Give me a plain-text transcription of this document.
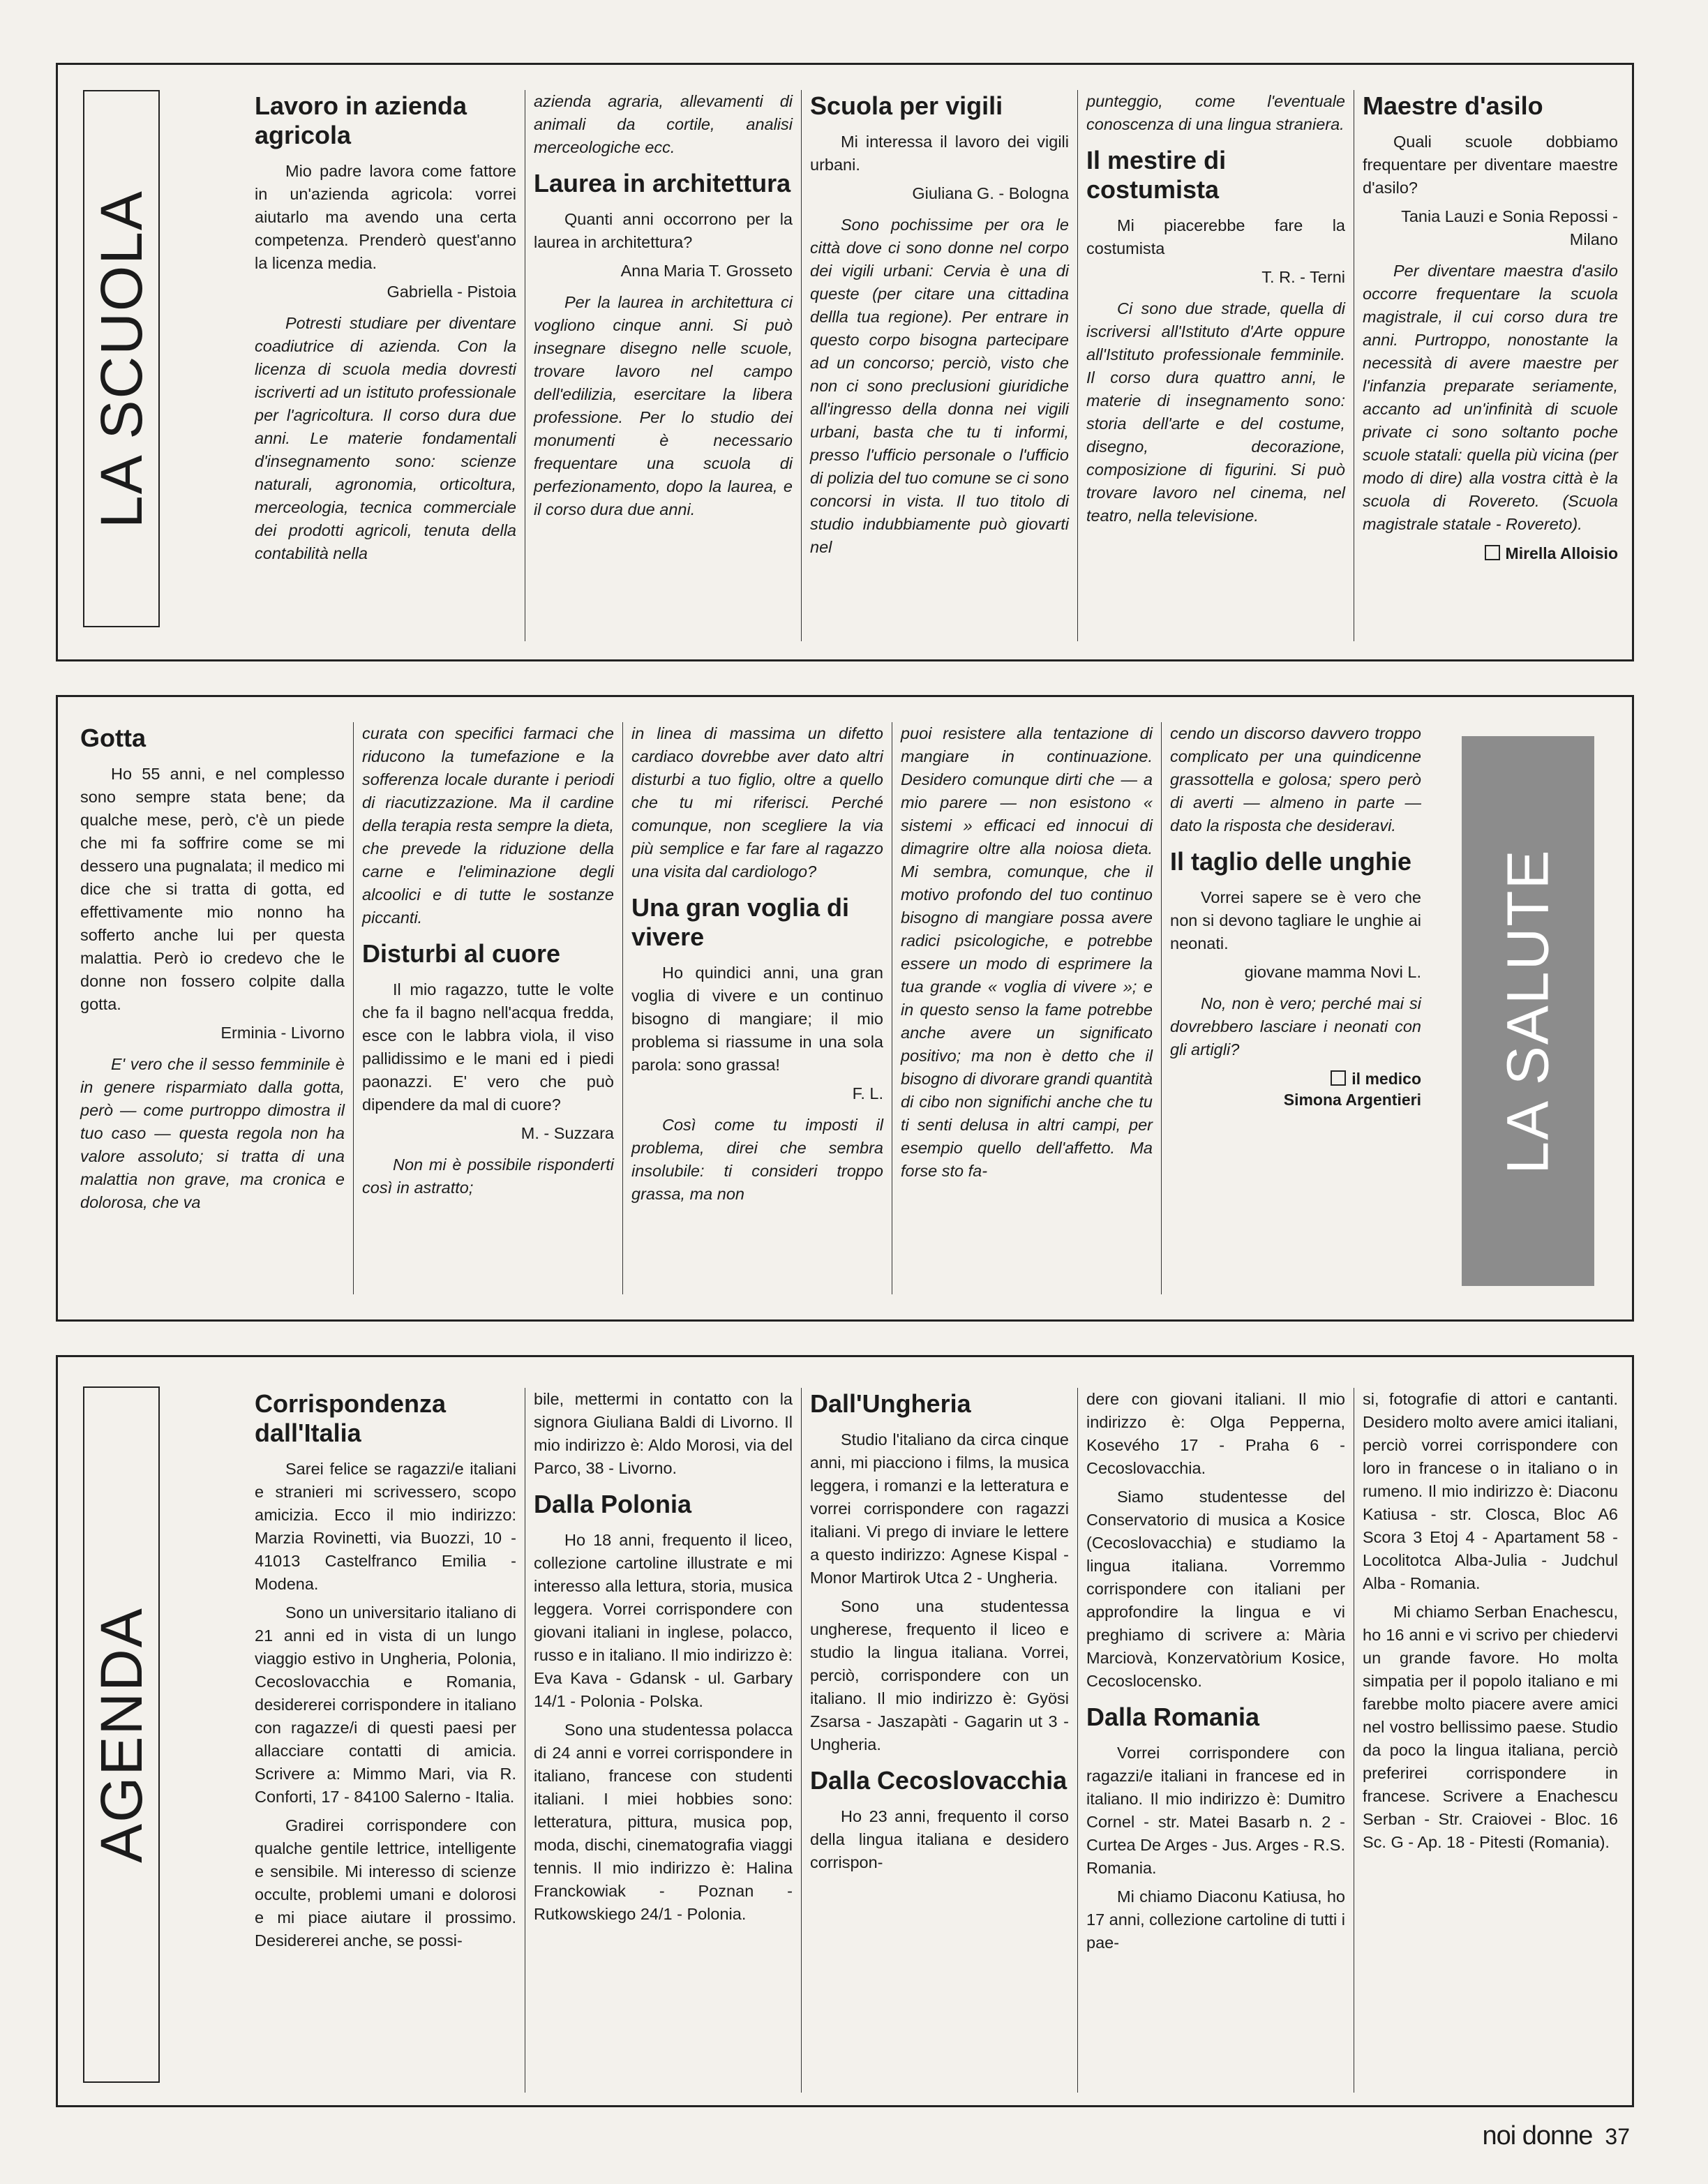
LA SCUOLA
Lavoro in azienda agricola

Mio padre lavora come fattore in un'azienda agricola: vorrei aiutarlo ma avendo una certa competenza. Prenderò quest'anno la licenza media.

Gabriella - Pistoia

Potresti studiare per diventare coadiutrice di azienda. Con la licenza di scuola media dovresti iscriverti ad un istituto professionale per l'agricoltura. Il corso dura due anni. Le materie fondamentali d'insegnamento sono: scienze naturali, agronomia, orticoltura, merceologia, tecnica commerciale dei prodotti agricoli, tenuta della contabilità nella

azienda agraria, allevamenti di animali da cortile, analisi merceologiche ecc.

Laurea in architettura

Quanti anni occorrono per la laurea in architettura?

Anna Maria T. Grosseto

Per la laurea in architettura ci vogliono cinque anni. Si può insegnare disegno nelle scuole, trovare lavoro nel campo dell'edilizia, esercitare la libera professione. Per lo studio dei monumenti è necessario frequentare una scuola di perfezionamento, dopo la laurea, e il corso dura due anni.

Scuola per vigili

Mi interessa il lavoro dei vigili urbani.

Giuliana G. - Bologna

Sono pochissime per ora le città dove ci sono donne nel corpo dei vigili urbani: Cervia è una di queste (per citare una cittadina dellla tua regione). Per entrare in questo corpo bisogna partecipare ad un concorso; perciò, visto che non ci sono preclusioni giuridiche all'ingresso della donna nei vigili urbani, basta che tu ti informi, presso l'ufficio personale o l'ufficio di polizia del tuo comune se ci sono concorsi in vista. Il tuo titolo di studio indubbiamente può giovarti nel

punteggio, come l'eventuale conoscenza di una lingua straniera.

Il mestire di costumista

Mi piacerebbe fare la costumista

T. R. - Terni

Ci sono due strade, quella di iscriversi all'Istituto d'Arte oppure all'Istituto professionale femminile. Il corso dura quattro anni, le materie di insegnamento sono: storia dell'arte e del costume, disegno, decorazione, composizione di figurini. Si può trovare lavoro nel cinema, nel teatro, nella televisione.

Maestre d'asilo

Quali scuole dobbiamo frequentare per diventare maestre d'asilo?

Tania Lauzi e Sonia Repossi - Milano

Per diventare maestra d'asilo occorre frequentare la scuola magistrale, il cui corso dura tre anni. Purtroppo, nonostante la necessità di avere maestre per l'infanzia preparate seriamente, accanto ad un'infinità di scuole private ci sono soltanto poche scuole statali: quella più vicina (per modo di dire) alla vostra città è la scuola di Rovereto. (Scuola magistrale statale - Rovereto).

Mirella Alloisio
Gotta

Ho 55 anni, e nel complesso sono sempre stata bene; da qualche mese, però, c'è un piede che mi fa soffrire come se mi dessero una pugnalata; il medico mi dice che si tratta di gotta, ed effettivamente mio nonno ha sofferto anche lui per questa malattia. Però io credevo che le donne non fossero colpite dalla gotta.

Erminia - Livorno

E' vero che il sesso femminile è in genere risparmiato dalla gotta, però — come purtroppo dimostra il tuo caso — questa regola non ha valore assoluto; si tratta di una malattia non grave, ma cronica e dolorosa, che va

curata con specifici farmaci che riducono la tumefazione e la sofferenza locale durante i periodi di riacutizzazione. Ma il cardine della terapia resta sempre la dieta, che prevede la riduzione della carne e l'eliminazione degli alcoolici e di tutte le sostanze piccanti.

Disturbi al cuore

Il mio ragazzo, tutte le volte che fa il bagno nell'acqua fredda, esce con le labbra viola, il viso pallidissimo e le mani ed i piedi paonazzi. E' vero che può dipendere da mal di cuore?

M. - Suzzara

Non mi è possibile risponderti così in astratto;

in linea di massima un difetto cardiaco dovrebbe aver dato altri disturbi a tuo figlio, oltre a quello che tu mi riferisci. Perché comunque, non scegliere la via più semplice e far fare al ragazzo una visita dal cardiologo?

Una gran voglia di vivere

Ho quindici anni, una gran voglia di vivere e un continuo bisogno di mangiare; il mio problema si riassume in una sola parola: sono grassa!

F. L.

Così come tu imposti il problema, direi che sembra insolubile: ti consideri troppo grassa, ma non

puoi resistere alla tentazione di mangiare in continuazione. Desidero comunque dirti che — a mio parere — non esistono « sistemi » efficaci ed innocui di dimagrire oltre alla noiosa dieta. Mi sembra, comunque, che il motivo profondo del tuo continuo bisogno di mangiare possa avere radici psicologiche, e potrebbe essere un modo di esprimere la tua grande « voglia di vivere »; e in questo senso la fame potrebbe anche avere un significato positivo; ma non è detto che il bisogno di divorare grandi quantità di cibo non significhi anche che tu ti senti delusa in altri campi, per esempio quello dell'affetto. Ma forse sto fa-

cendo un discorso davvero troppo complicato per una quindicenne grassottella e golosa; spero però di averti — almeno in parte — dato la risposta che desideravi.

Il taglio delle unghie

Vorrei sapere se è vero che non si devono tagliare le unghie ai neonati.

giovane mamma Novi L.

No, non è vero; perché mai si dovrebbero lasciare i neonati con gli artigli?

il medico
Simona Argentieri LA SALUTE
AGENDA
Corrispondenza dall'Italia

Sarei felice se ragazzi/e italiani e stranieri mi scrivessero, scopo amicizia. Ecco il mio indirizzo: Marzia Rovinetti, via Buozzi, 10 - 41013 Castelfranco Emilia - Modena.

Sono un universitario italiano di 21 anni ed in vista di un lungo viaggio estivo in Ungheria, Polonia, Cecoslovacchia e Romania, desidererei corrispondere in italiano con ragazze/i di questi paesi per allacciare contatti di amicia. Scrivere a: Mimmo Mari, via R. Conforti, 17 - 84100 Salerno - Italia.

Gradirei corrispondere con qualche gentile lettrice, intelligente e sensibile. Mi interesso di scienze occulte, problemi umani e dolorosi e mi piace aiutare il prossimo. Desidererei anche, se possi-

bile, mettermi in contatto con la signora Giuliana Baldi di Livorno. Il mio indirizzo è: Aldo Morosi, via del Parco, 38 - Livorno.

Dalla Polonia

Ho 18 anni, frequento il liceo, collezione cartoline illustrate e mi interesso alla lettura, storia, musica leggera. Vorrei corrispondere con giovani italiani in inglese, polacco, russo e in italiano. Il mio indirizzo è: Eva Kava - Gdansk - ul. Garbary 14/1 - Polonia - Polska.

Sono una studentessa polacca di 24 anni e vorrei corrispondere in italiano, francese con studenti italiani. I miei hobbies sono: letteratura, pittura, musica pop, moda, dischi, cinematografia viaggi tennis. Il mio indirizzo è: Halina Franckowiak - Poznan - Rutkowskiego 24/1 - Polonia.

Dall'Ungheria

Studio l'italiano da circa cinque anni, mi piacciono i films, la musica leggera, i romanzi e la letteratura e vorrei corrispondere con ragazzi italiani. Vi prego di inviare le lettere a questo indirizzo: Agnese Kispal - Monor Martirok Utca 2 - Ungheria.

Sono una studentessa ungherese, frequento il liceo e studio la lingua italiana. Vorrei, perciò, corrispondere con un italiano. Il mio indirizzo è: Gyösi Zsarsa - Jaszapàti - Gagarin ut 3 - Ungheria.

Dalla Cecoslovacchia

Ho 23 anni, frequento il corso della lingua italiana e desidero corrispon-

dere con giovani italiani. Il mio indirizzo è: Olga Pepperna, Kosevého 17 - Praha 6 - Cecoslovacchia.

Siamo studentesse del Conservatorio di musica a Kosice (Cecoslovacchia) e studiamo la lingua italiana. Vorremmo corrispondere con italiani per approfondire la lingua e vi preghiamo di scrivere a: Mària Marciovà, Konzervatòrium Kosice, Cecoslocensko.

Dalla Romania

Vorrei corrispondere con ragazzi/e italiani in francese ed in italiano. Il mio indirizzo è: Dumitro Cornel - str. Matei Basarb n. 2 - Curtea De Arges - Jus. Arges - R.S. Romania.

Mi chiamo Diaconu Katiusa, ho 17 anni, collezione cartoline di tutti i pae-

si, fotografie di attori e cantanti. Desidero molto avere amici italiani, perciò vorrei corrispondere con loro in francese o in italiano o in rumeno. Il mio indirizzo è: Diaconu Katiusa - str. Closca, Bloc A6 Scora 3 Etoj 4 - Apartament 58 - Locolitotca Alba-Julia - Judchul Alba - Romania.

Mi chiamo Serban Enachescu, ho 16 anni e vi scrivo per chiedervi un grande favore. Ho molta simpatia per il popolo italiano e mi farebbe molto piacere avere amici nel vostro bellissimo paese. Studio da poco la lingua italiana, perciò preferirei corrispondere in francese. Scrivere a Enachescu Serban - Str. Craiovei - Bloc. 16 Sc. G - Ap. 18 - Pitesti (Romania).

noi donne 37
